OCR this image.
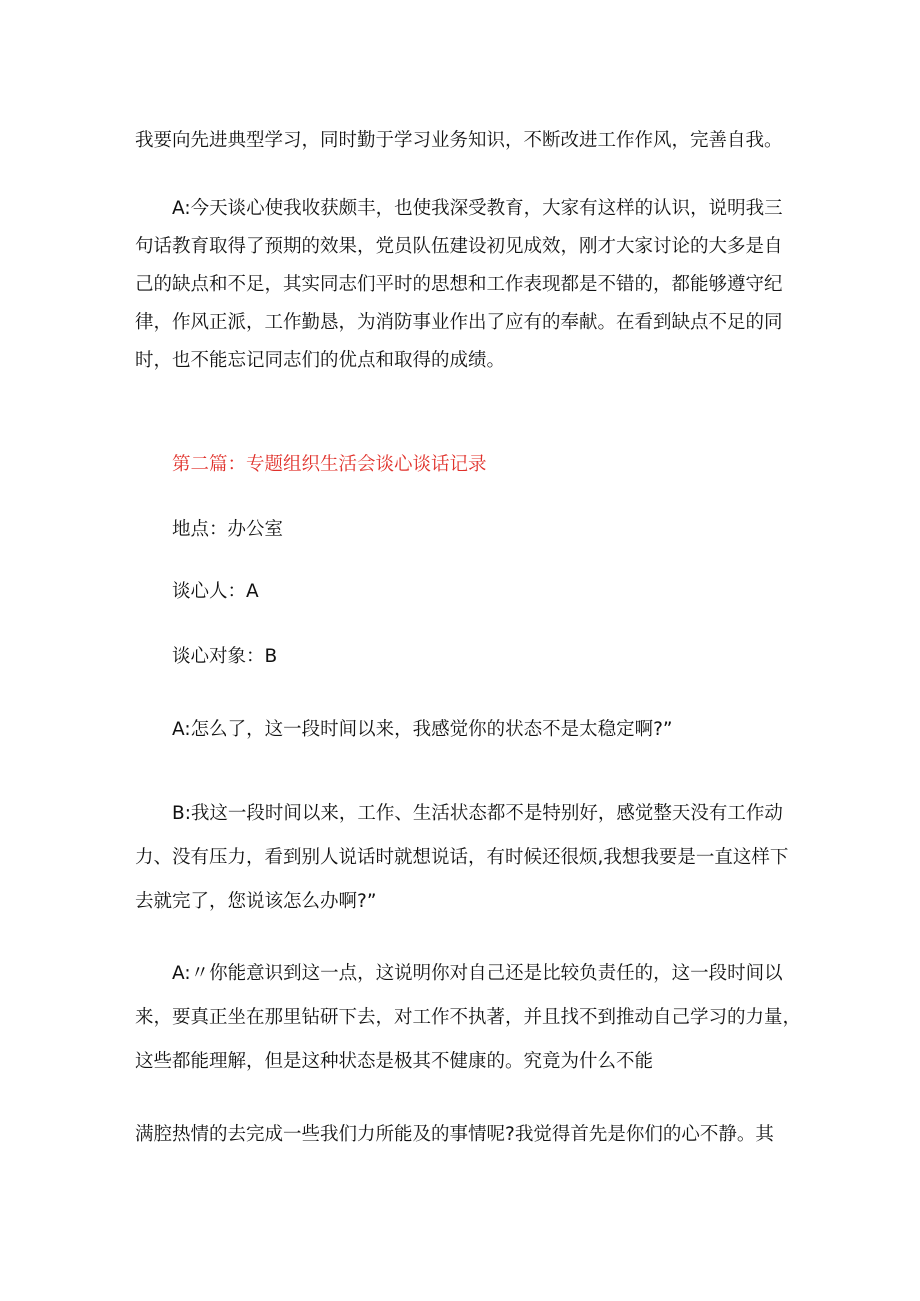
我要向先进典型学习，同时勤于学习业务知识，不断改进工作作风，完善自我。
A:今天谈心使我收获颇丰，也使我深受教育，大家有这样的认识，说明我三
句话教育取得了预期的效果，党员队伍建设初见成效，刚才大家讨论的大多是自
己的缺点和不足，其实同志们平时的思想和工作表现都是不错的，都能够遵守纪
律，作风正派，工作勤恳，为消防事业作出了应有的奉献。在看到缺点不足的同
时，也不能忘记同志们的优点和取得的成绩。
第二篇：专题组织生活会谈心谈话记录
地点：办公室
谈心人：A
谈心对象：B
A:怎么了，这一段时间以来，我感觉你的状态不是太稳定啊?”
B:我这一段时间以来，工作、生活状态都不是特别好，感觉整天没有工作动
力、没有压力，看到别人说话时就想说话，有时候还很烦,我想我要是一直这样下
去就完了，您说该怎么办啊?”
A:〃你能意识到这一点，这说明你对自己还是比较负责任的，这一段时间以
来，要真正坐在那里钻研下去，对工作不执著，并且找不到推动自己学习的力量，
这些都能理解，但是这种状态是极其不健康的。究竟为什么不能
满腔热情的去完成一些我们力所能及的事情呢?我觉得首先是你们的心不静。其
